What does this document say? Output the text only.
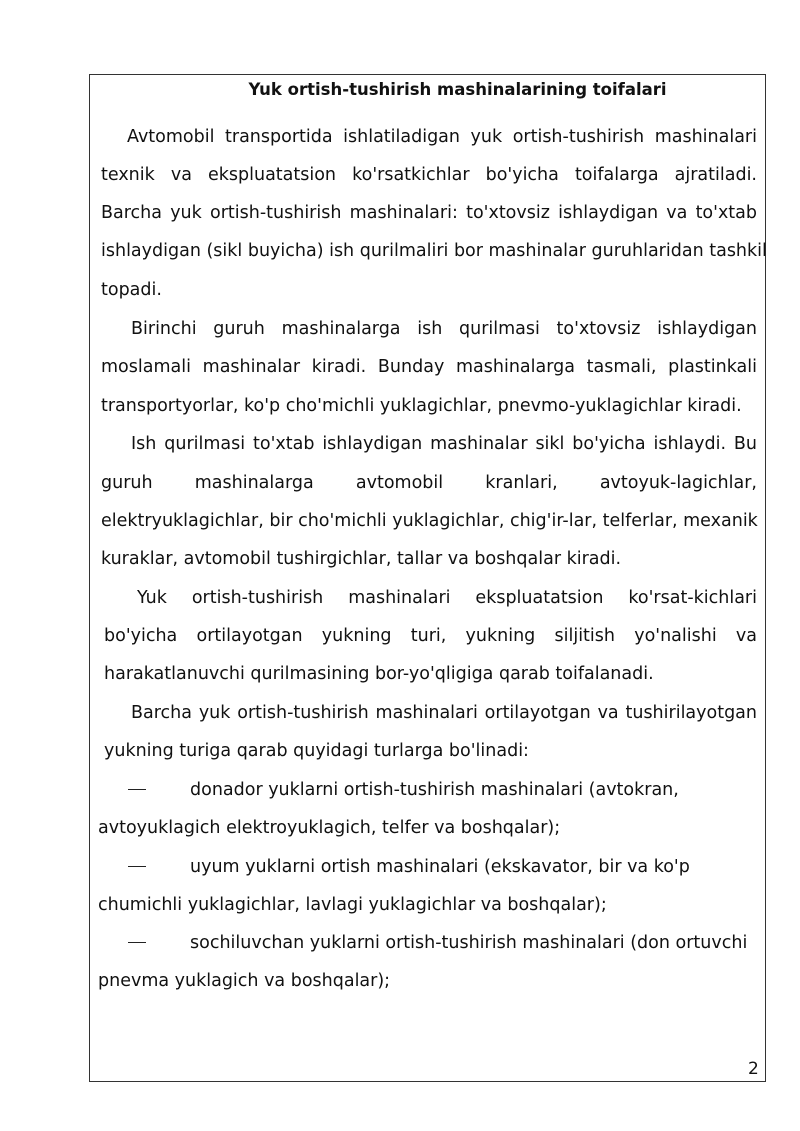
Yuk ortish-tushirish mashinalarining toifalari
Avtomobil transportida ishlatiladigan yuk ortish-tushirish mashinalari
texnik va ekspluatatsion ko'rsatkichlar bo'yicha toifalarga ajratiladi.
Barcha yuk ortish-tushirish mashinalari: to'xtovsiz ishlaydigan va to'xtab
ishlaydigan (sikl buyicha) ish qurilmaliri bor mashinalar guruhlaridan tashkil
topadi.
Birinchi guruh mashinalarga ish qurilmasi to'xtovsiz ishlaydigan
moslamali mashinalar kiradi. Bunday mashinalarga tasmali, plastinkali
transportyorlar, ko'p cho'michli yuklagichlar, pnevmo-yuklagichlar kiradi.
Ish qurilmasi to'xtab ishlaydigan mashinalar sikl bo'yicha ishlaydi. Bu
guruh mashinalarga avtomobil kranlari, avtoyuk-lagichlar,
elektryuklagichlar, bir cho'michli yuklagichlar, chig'ir-lar, telferlar, mexanik
kuraklar, avtomobil tushirgichlar, tallar va boshqalar kiradi.
Yuk ortish-tushirish mashinalari ekspluatatsion ko'rsat-kichlari
bo'yicha ortilayotgan yukning turi, yukning siljitish yo'nalishi va
harakatlanuvchi qurilmasining bor-yo'qligiga qarab toifalanadi.
Barcha yuk ortish-tushirish mashinalari ortilayotgan va tushirilayotgan
yukning turiga qarab quyidagi turlarga bo'linadi:
donador yuklarni ortish-tushirish mashinalari (avtokran,
avtoyuklagich elektroyuklagich, telfer va boshqalar);
uyum yuklarni ortish mashinalari (ekskavator, bir va ko'p
chumichli yuklagichlar, lavlagi yuklagichlar va boshqalar);
sochiluvchan yuklarni ortish-tushirish mashinalari (don ortuvchi
pnevma yuklagich va boshqalar);
2
